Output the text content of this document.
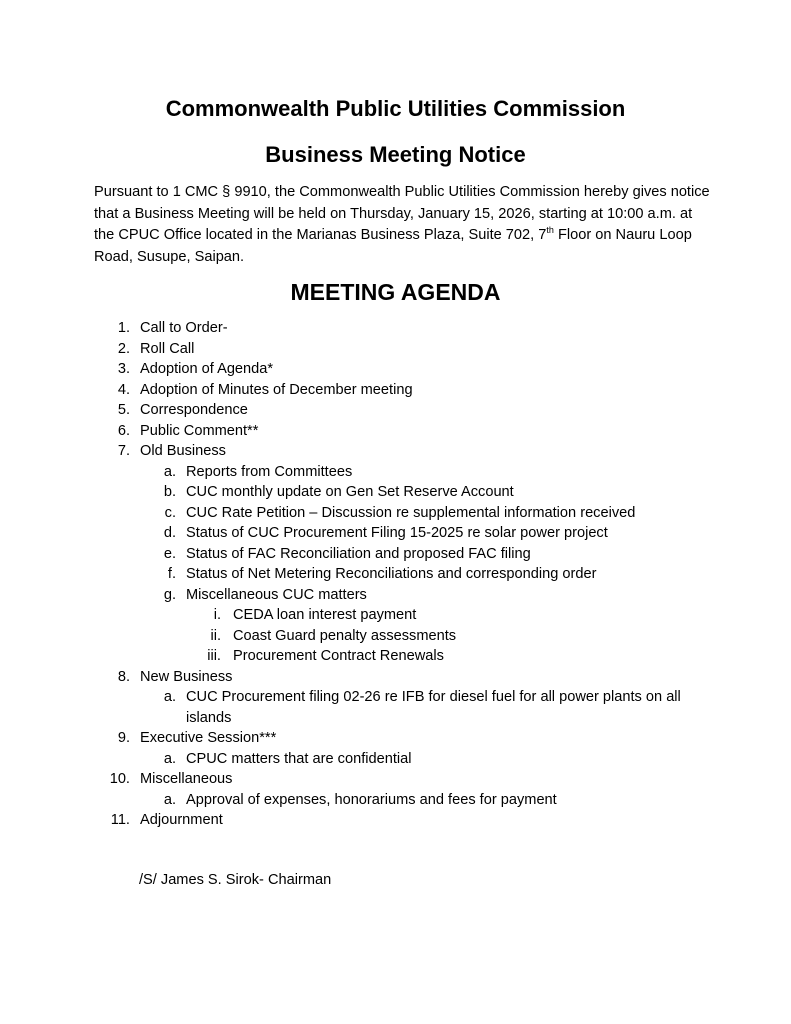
Commonwealth Public Utilities Commission
Business Meeting Notice

Pursuant to 1 CMC § 9910, the Commonwealth Public Utilities Commission hereby gives notice that a Business Meeting will be held on Thursday, January 15, 2026, starting at 10:00 a.m. at the CPUC Office located in the Marianas Business Plaza, Suite 702, 7th Floor on Nauru Loop Road, Susupe, Saipan.

MEETING AGENDA
1. Call to Order-
2. Roll Call
3. Adoption of Agenda*
4. Adoption of Minutes of December meeting
5. Correspondence
6. Public Comment**
7. Old Business
a. Reports from Committees
b. CUC monthly update on Gen Set Reserve Account
c. CUC Rate Petition – Discussion re supplemental information received
d. Status of CUC Procurement Filing 15-2025 re solar power project
e. Status of FAC Reconciliation and proposed FAC filing
f. Status of Net Metering Reconciliations and corresponding order
g. Miscellaneous CUC matters
i. CEDA loan interest payment
ii. Coast Guard penalty assessments
iii. Procurement Contract Renewals
8. New Business
a. CUC Procurement filing 02-26 re IFB for diesel fuel for all power plants on all
islands
9. Executive Session***
a. CPUC matters that are confidential
10. Miscellaneous
a. Approval of expenses, honorariums and fees for payment
11. Adjournment

/S/ James S. Sirok- Chairman
